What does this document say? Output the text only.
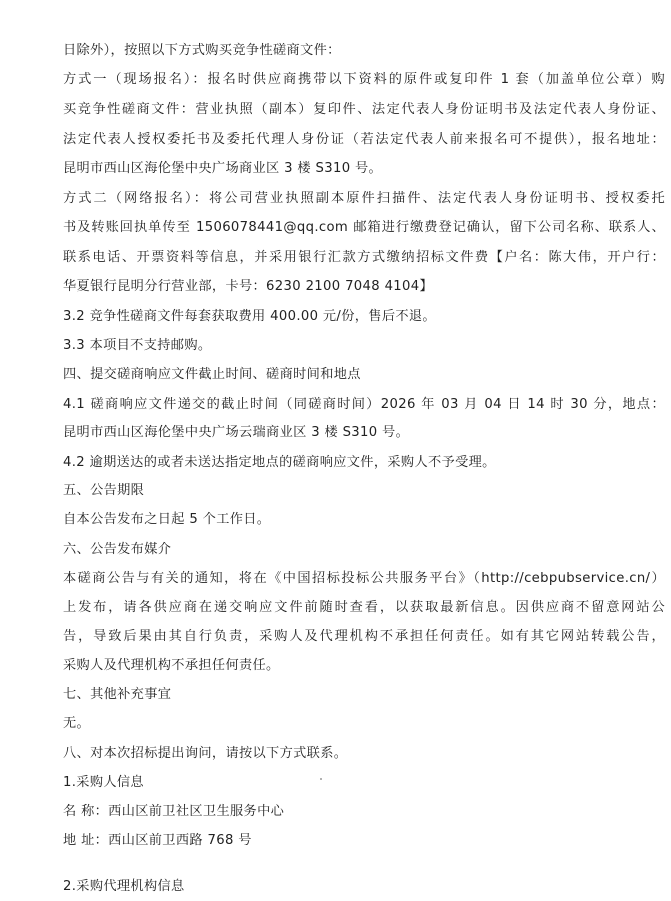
日除外），按照以下方式购买竞争性磋商文件：
方式一（现场报名）：报名时供应商携带以下资料的原件或复印件 1 套（加盖单位公章）购
买竞争性磋商文件：营业执照（副本）复印件、法定代表人身份证明书及法定代表人身份证、
法定代表人授权委托书及委托代理人身份证（若法定代表人前来报名可不提供），报名地址：
昆明市西山区海伦堡中央广场商业区 3 楼 S310 号。
方式二（网络报名）：将公司营业执照副本原件扫描件、法定代表人身份证明书、授权委托
书及转账回执单传至 1506078441@qq.com 邮箱进行缴费登记确认，留下公司名称、联系人、
联系电话、开票资料等信息，并采用银行汇款方式缴纳招标文件费【户名：陈大伟，开户行：
华夏银行昆明分行营业部，卡号：6230 2100 7048 4104】
3.2 竞争性磋商文件每套获取费用 400.00 元/份，售后不退。
3.3 本项目不支持邮购。
四、提交磋商响应文件截止时间、磋商时间和地点
4.1 磋商响应文件递交的截止时间（同磋商时间）2026 年 03 月 04 日 14 时 30 分，地点：
昆明市西山区海伦堡中央广场云瑞商业区 3 楼 S310 号。
4.2 逾期送达的或者未送达指定地点的磋商响应文件，采购人不予受理。
五、公告期限
自本公告发布之日起 5 个工作日。
六、公告发布媒介
本磋商公告与有关的通知，将在《中国招标投标公共服务平台》（http://cebpubservice.cn/）
上发布，请各供应商在递交响应文件前随时查看，以获取最新信息。因供应商不留意网站公
告，导致后果由其自行负责，采购人及代理机构不承担任何责任。如有其它网站转载公告，
采购人及代理机构不承担任何责任。
七、其他补充事宜
无。
八、对本次招标提出询问，请按以下方式联系。
1.采购人信息
名 称：西山区前卫社区卫生服务中心
地 址：西山区前卫西路 768 号
2.采购代理机构信息
